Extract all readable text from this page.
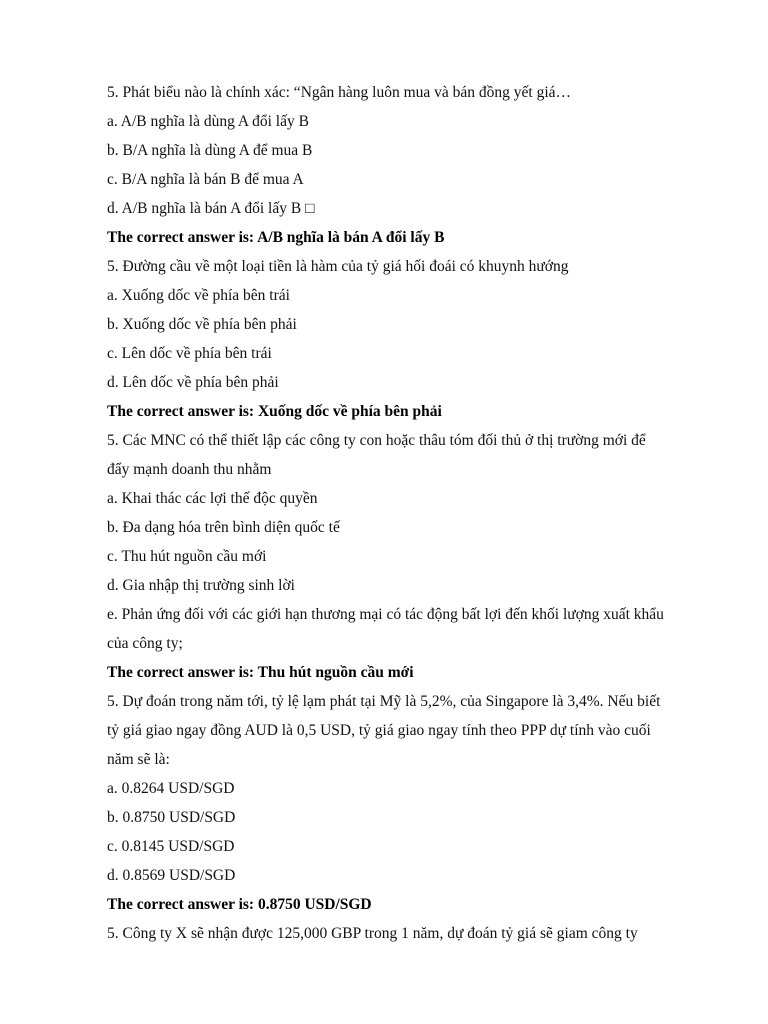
5. Phát biểu nào là chính xác: “Ngân hàng luôn mua và bán đồng yết giá…
a. A/B nghĩa là dùng A đổi lấy B
b. B/A nghĩa là dùng A để mua B
c. B/A nghĩa là bán B để mua A
d. A/B nghĩa là bán A đổi lấy B □
The correct answer is: A/B nghĩa là bán A đổi lấy B
5. Đường cầu về một loại tiền là hàm của tỷ giá hối đoái có khuynh hướng
a. Xuống dốc về phía bên trái
b. Xuống dốc về phía bên phải
c. Lên dốc về phía bên trái
d. Lên dốc về phía bên phải
The correct answer is: Xuống dốc về phía bên phải
5. Các MNC có thể thiết lập các công ty con hoặc thâu tóm đối thủ ở thị trường mới để
đẩy mạnh doanh thu nhằm
a. Khai thác các lợi thế độc quyền
b. Đa dạng hóa trên bình diện quốc tế
c. Thu hút nguồn cầu mới
d. Gia nhập thị trường sinh lời
e. Phản ứng đối với các giới hạn thương mại có tác động bất lợi đến khối lượng xuất khẩu
của công ty;
The correct answer is: Thu hút nguồn cầu mới
5. Dự đoán trong năm tới, tỷ lệ lạm phát tại Mỹ là 5,2%, của Singapore là 3,4%. Nếu biết
tỷ giá giao ngay đồng AUD là 0,5 USD, tỷ giá giao ngay tính theo PPP dự tính vào cuối
năm sẽ là:
a. 0.8264 USD/SGD
b. 0.8750 USD/SGD
c. 0.8145 USD/SGD
d. 0.8569 USD/SGD
The correct answer is: 0.8750 USD/SGD
5. Công ty X sẽ nhận được 125,000 GBP trong 1 năm, dự đoán tỷ giá sẽ giam công ty
